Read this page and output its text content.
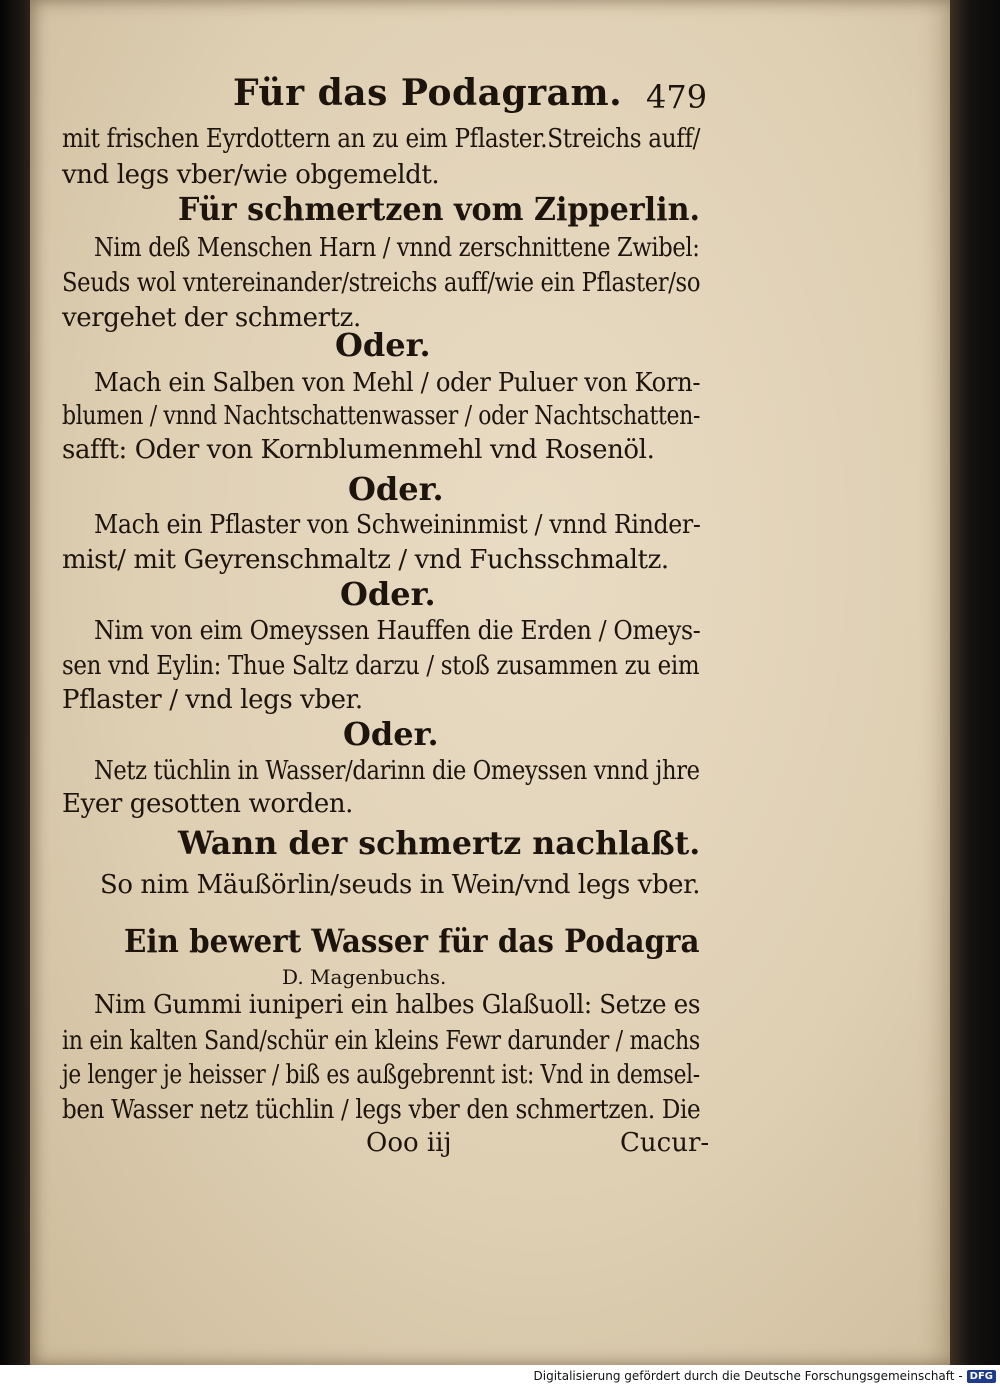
Für das Podagram. 479
mit frischen Eyrdottern an zu eim Pflaster.Streichs auff/
vnd legs vber/wie obgemeldt.
Für schmertzen vom Zipperlin.
Nim deß Menschen Harn / vnnd zerschnittene Zwibel:
Seuds wol vntereinander/streichs auff/wie ein Pflaster/so
vergehet der schmertz.
Oder.
Mach ein Salben von Mehl / oder Puluer von Korn-
blumen / vnnd Nachtschattenwasser / oder Nachtschatten-
safft: Oder von Kornblumenmehl vnd Rosenöl.
Oder.
Mach ein Pflaster von Schweininmist / vnnd Rinder-
mist/ mit Geyrenschmaltz / vnd Fuchsschmaltz.
Oder.
Nim von eim Omeyssen Hauffen die Erden / Omeys-
sen vnd Eylin: Thue Saltz darzu / stoß zusammen zu eim
Pflaster / vnd legs vber.
Oder.
Netz tüchlin in Wasser/darinn die Omeyssen vnnd jhre
Eyer gesotten worden.
Wann der schmertz nachlaßt.
So nim Mäußörlin/seuds in Wein/vnd legs vber.
Ein bewert Wasser für das Podagra
D. Magenbuchs.
Nim Gummi iuniperi ein halbes Glaßuoll: Setze es
in ein kalten Sand/schür ein kleins Fewr darunder / machs
je lenger je heisser / biß es außgebrennt ist: Vnd in demsel-
ben Wasser netz tüchlin / legs vber den schmertzen. Die
Ooo iij	Cucur-
Digitalisierung gefördert durch die Deutsche Forschungsgemeinschaft - DFG
